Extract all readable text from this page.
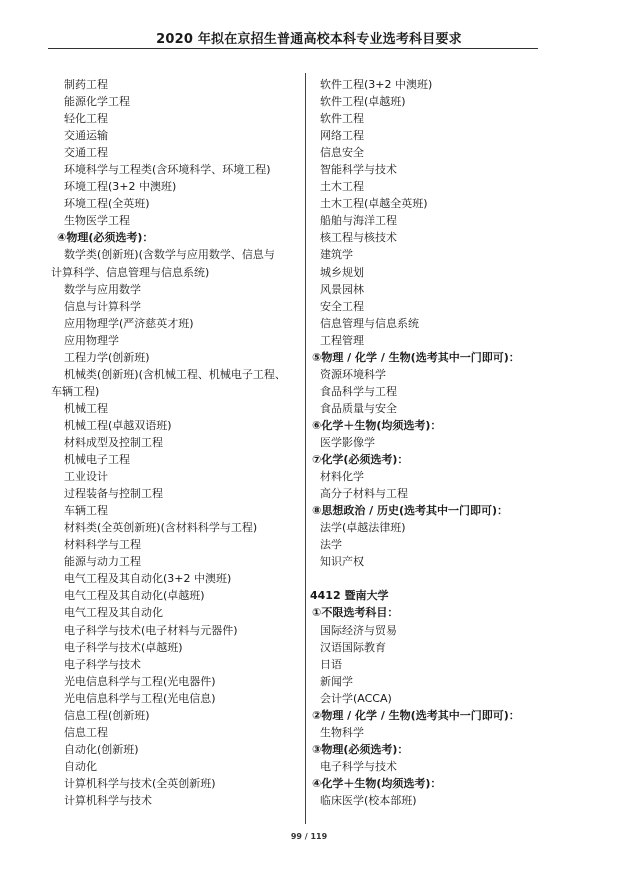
2020 年拟在京招生普通高校本科专业选考科目要求
制药工程
能源化学工程
轻化工程
交通运输
交通工程
环境科学与工程类(含环境科学、环境工程)
环境工程(3+2 中澳班)
环境工程(全英班)
生物医学工程
④物理(必须选考)：
数学类(创新班)(含数学与应用数学、信息与
计算科学、信息管理与信息系统)
数学与应用数学
信息与计算科学
应用物理学(严济慈英才班)
应用物理学
工程力学(创新班)
机械类(创新班)(含机械工程、机械电子工程、
车辆工程)
机械工程
机械工程(卓越双语班)
材料成型及控制工程
机械电子工程
工业设计
过程装备与控制工程
车辆工程
材料类(全英创新班)(含材料科学与工程)
材料科学与工程
能源与动力工程
电气工程及其自动化(3+2 中澳班)
电气工程及其自动化(卓越班)
电气工程及其自动化
电子科学与技术(电子材料与元器件)
电子科学与技术(卓越班)
电子科学与技术
光电信息科学与工程(光电器件)
光电信息科学与工程(光电信息)
信息工程(创新班)
信息工程
自动化(创新班)
自动化
计算机科学与技术(全英创新班)
计算机科学与技术
软件工程(3+2 中澳班)
软件工程(卓越班)
软件工程
网络工程
信息安全
智能科学与技术
土木工程
土木工程(卓越全英班)
船舶与海洋工程
核工程与核技术
建筑学
城乡规划
风景园林
安全工程
信息管理与信息系统
工程管理
⑤物理 / 化学 / 生物(选考其中一门即可)：
资源环境科学
食品科学与工程
食品质量与安全
⑥化学＋生物(均须选考)：
医学影像学
⑦化学(必须选考)：
材料化学
高分子材料与工程
⑧思想政治 / 历史(选考其中一门即可)：
法学(卓越法律班)
法学
知识产权
4412 暨南大学
①不限选考科目：
国际经济与贸易
汉语国际教育
日语
新闻学
会计学(ACCA)
②物理 / 化学 / 生物(选考其中一门即可)：
生物科学
③物理(必须选考)：
电子科学与技术
④化学＋生物(均须选考)：
临床医学(校本部班)
99 / 119
